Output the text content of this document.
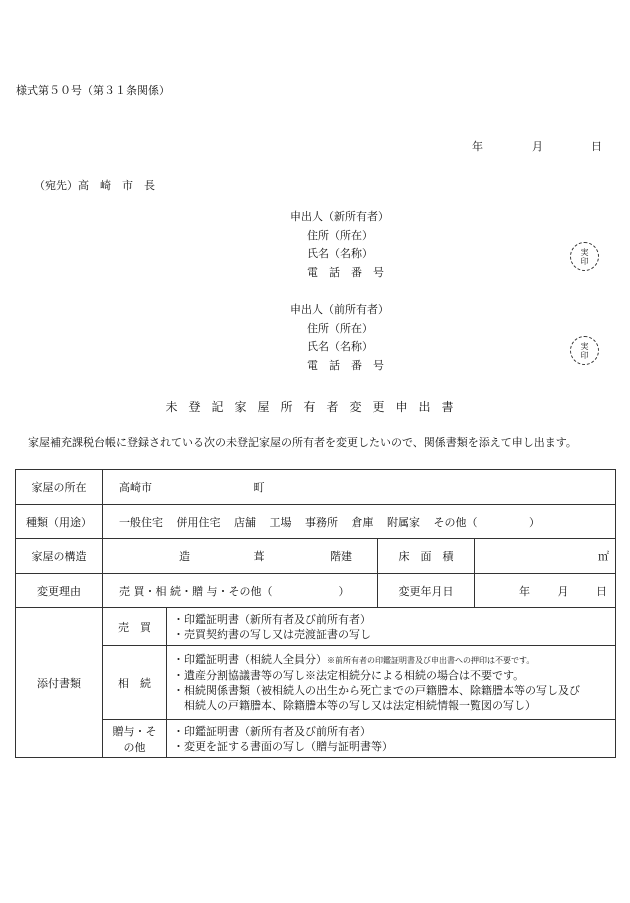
様式第５０号（第３１条関係）
年	月	日
（宛先）高　崎　市　長
申出人（新所有者）
住所（所在）
氏名（名称）
電　話　番　号
実印
申出人（前所有者）
住所（所在）
氏名（名称）
電　話　番　号
実印
未登記家屋所有者変更申出書
家屋補充課税台帳に登録されている次の未登記家屋の所有者を変更したいので、関係書類を添えて申し出ます。
家屋の所在	高崎市 町			
種類（用途）	一般住宅 併用住宅 店舗 工場 事務所 倉庫 附属家 その他（ ）			
家屋の構造	造 葺 階建		床　面　積	㎡
変更理由	売 買・相 続・贈 与・その他（　　　　　　）		変更年月日	年 月 日
添付書類	売　買	・印鑑証明書（新所有者及び前所有者）
・売買契約書の写し又は売渡証書の写し		

	相　続	・印鑑証明書（相続人全員分）※前所有者の印鑑証明書及び申出書への押印は不要です。
・遺産分割協議書等の写し※法定相続分による相続の場合は不要です。
・相続関係書類（被相続人の出生から死亡までの戸籍謄本、除籍謄本等の写し及び
　相続人の戸籍謄本、除籍謄本等の写し又は法定相続情報一覧図の写し）		

	贈与・その他	・印鑑証明書（新所有者及び前所有者）
・変更を証する書面の写し（贈与証明書等）		
